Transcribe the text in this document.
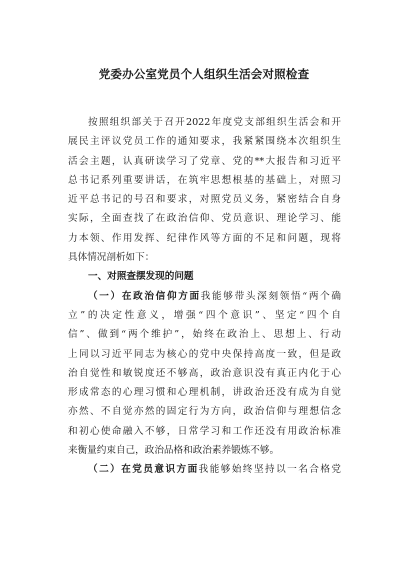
党委办公室党员个人组织生活会对照检查
按照组织部关于召开2022年度党支部组织生活会和开
展民主评议党员工作的通知要求，我紧紧围绕本次组织生
活会主题，认真研读学习了党章、党的**大报告和习近平
总书记系列重要讲话，在筑牢思想根基的基础上，对照习
近平总书记的号召和要求，对照党员义务，紧密结合自身
实际，全面查找了在政治信仰、党员意识、理论学习、能
力本领、作用发挥、纪律作风等方面的不足和问题，现将
具体情况剖析如下：
一、对照查摆发现的问题
（一）在政治信仰方面我能够带头深刻领悟“两个确
立”的决定性意义，增强“四个意识”、坚定“四个自
信”、做到“两个维护”，始终在政治上、思想上、行动
上同以习近平同志为核心的党中央保持高度一致，但是政
治自觉性和敏锐度还不够高，政治意识没有真正内化于心
形成常态的心理习惯和心理机制，讲政治还没有成为自觉
亦然、不自觉亦然的固定行为方向，政治信仰与理想信念
和初心使命融入不够，日常学习和工作还没有用政治标准
来衡量约束自己，政治品格和政治素养锻炼不够。
（二）在党员意识方面我能够始终坚持以一名合格党
